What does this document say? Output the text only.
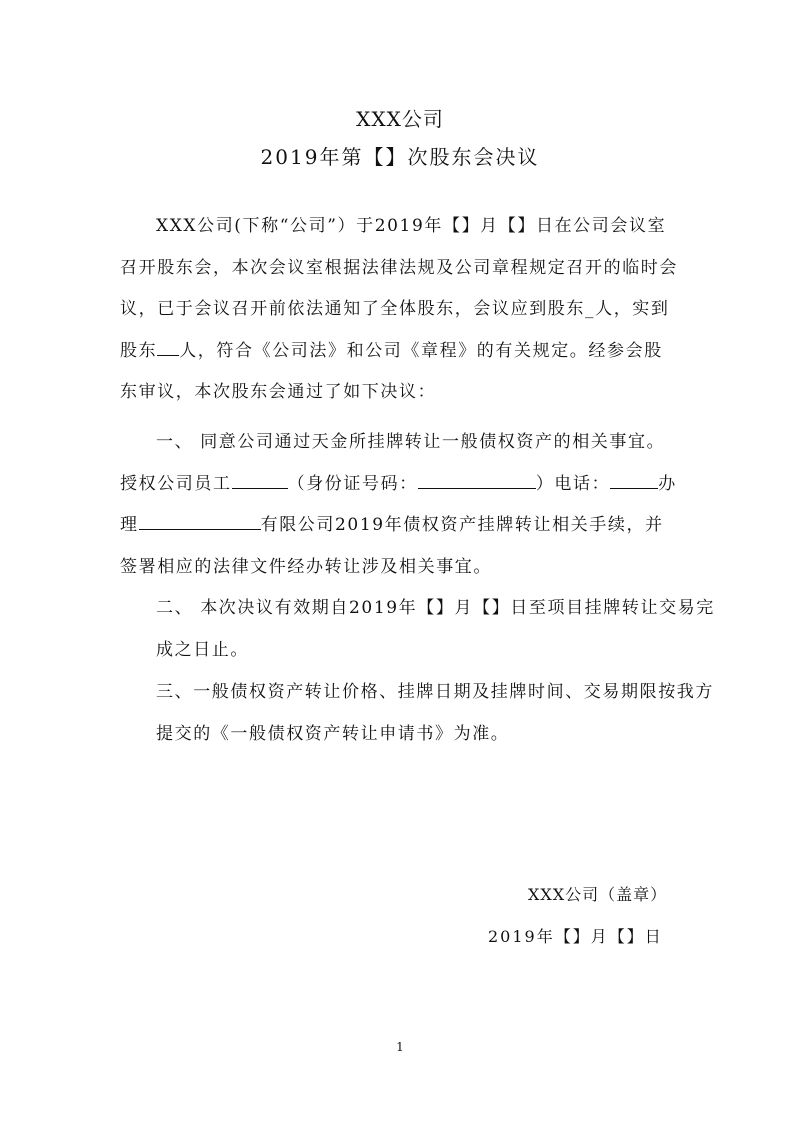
XXX公司
2019年第【】次股东会决议
XXX公司(下称“公司”）于2019年【】月【】日在公司会议室召开股东会，本次会议室根据法律法规及公司章程规定召开的临时会议，已于会议召开前依法通知了全体股东，会议应到股东_人，实到股东 人，符合《公司法》和公司《章程》的有关规定。经参会股东审议，本次股东会通过了如下决议：
一、 同意公司通过天金所挂牌转让一般债权资产的相关事宜。
授权公司员工	（身份证号码：	）电话：	办理	有限公司2019年债权资产挂牌转让相关手续，并签署相应的法律文件经办转让涉及相关事宜。
二、 本次决议有效期自2019年【】月【】日至项目挂牌转让交易完成之日止。
三、一般债权资产转让价格、挂牌日期及挂牌时间、交易期限按我方提交的《一般债权资产转让申请书》为准。
XXX公司（盖章）
2019年【】月【】日
1
